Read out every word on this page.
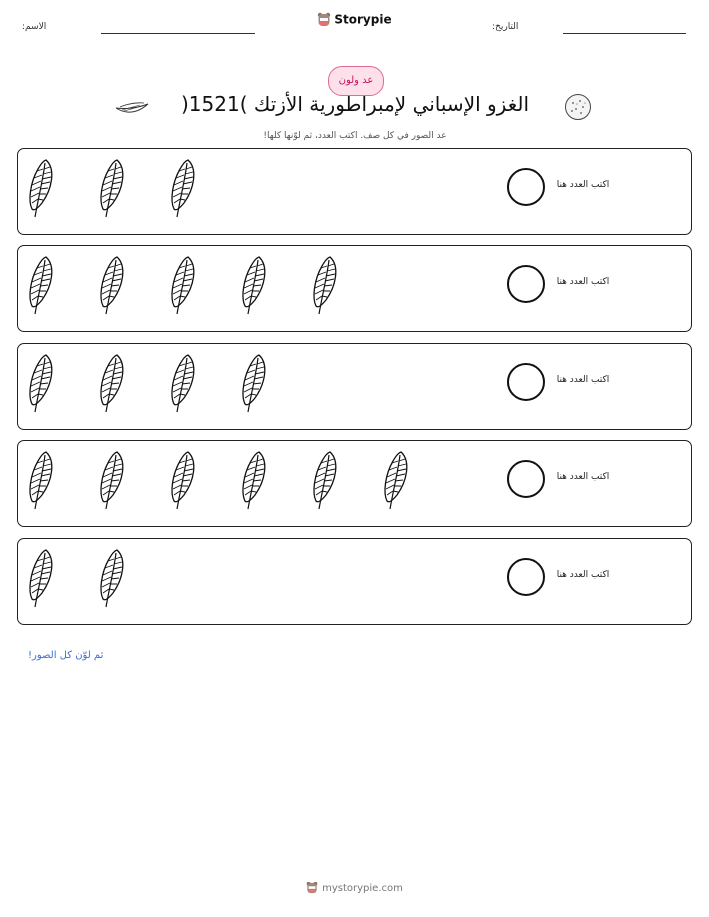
الاسم:	التاريخ:
Storypie
عد ولون
الغزو الإسباني لإمبراطورية الأزتك )1521(
عد الصور في كل صف. اكتب العدد، ثم لوّنها كلها!
اكتب العدد هنا
اكتب العدد هنا
اكتب العدد هنا
اكتب العدد هنا
اكتب العدد هنا
ثم لوّن كل الصور!
mystorypie.com
